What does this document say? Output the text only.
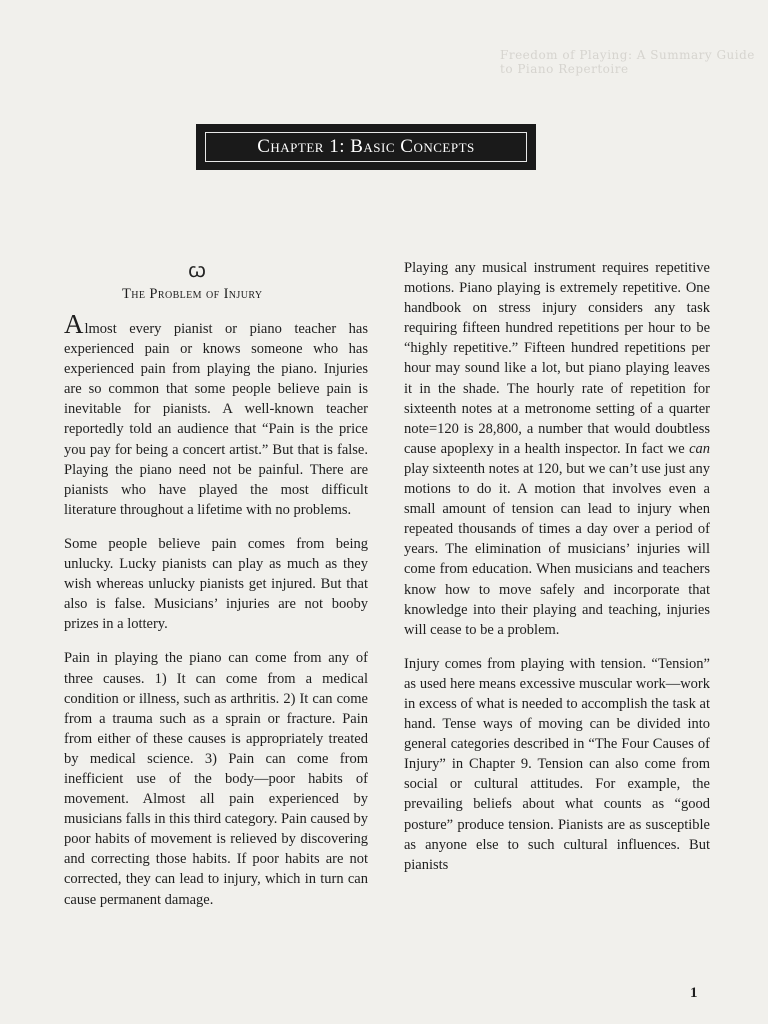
Freedom of Playing: A Summary Guide to Piano Repertoire
Chapter 1: Basic Concepts
ꞷ
The Problem of Injury

Almost every pianist or piano teacher has experienced pain or knows someone who has experienced pain from playing the piano. Injuries are so common that some people believe pain is inevitable for pianists. A well-known teacher reportedly told an audience that “Pain is the price you pay for being a concert artist.” But that is false. Playing the piano need not be painful. There are pianists who have played the most difficult literature throughout a lifetime with no problems.

Some people believe pain comes from being unlucky. Lucky pianists can play as much as they wish whereas unlucky pianists get injured. But that also is false. Musicians’ injuries are not booby prizes in a lottery.

Pain in playing the piano can come from any of three causes. 1) It can come from a medical condition or illness, such as arthritis. 2) It can come from a trauma such as a sprain or fracture. Pain from either of these causes is appropriately treated by medical science. 3) Pain can come from inefficient use of the body—poor habits of movement. Almost all pain experienced by musicians falls in this third category. Pain caused by poor habits of movement is relieved by discovering and correcting those habits. If poor habits are not corrected, they can lead to injury, which in turn can cause permanent damage.

Playing any musical instrument requires repetitive motions. Piano playing is extremely repetitive. One handbook on stress injury considers any task requiring fifteen hundred repetitions per hour to be “highly repetitive.” Fifteen hundred repetitions per hour may sound like a lot, but piano playing leaves it in the shade. The hourly rate of repetition for sixteenth notes at a metronome setting of a quarter note=120 is 28,800, a number that would doubtless cause apoplexy in a health inspector. In fact we can play sixteenth notes at 120, but we can’t use just any motions to do it. A motion that involves even a small amount of tension can lead to injury when repeated thousands of times a day over a period of years. The elimination of musicians’ injuries will come from education. When musicians and teachers know how to move safely and incorporate that knowledge into their playing and teaching, injuries will cease to be a problem.

Injury comes from playing with tension. “Tension” as used here means excessive muscular work—work in excess of what is needed to accomplish the task at hand. Tense ways of moving can be divided into general categories described in “The Four Causes of Injury” in Chapter 9. Tension can also come from social or cultural attitudes. For example, the prevailing beliefs about what counts as “good posture” produce tension. Pianists are as susceptible as anyone else to such cultural influences. But pianists

1
